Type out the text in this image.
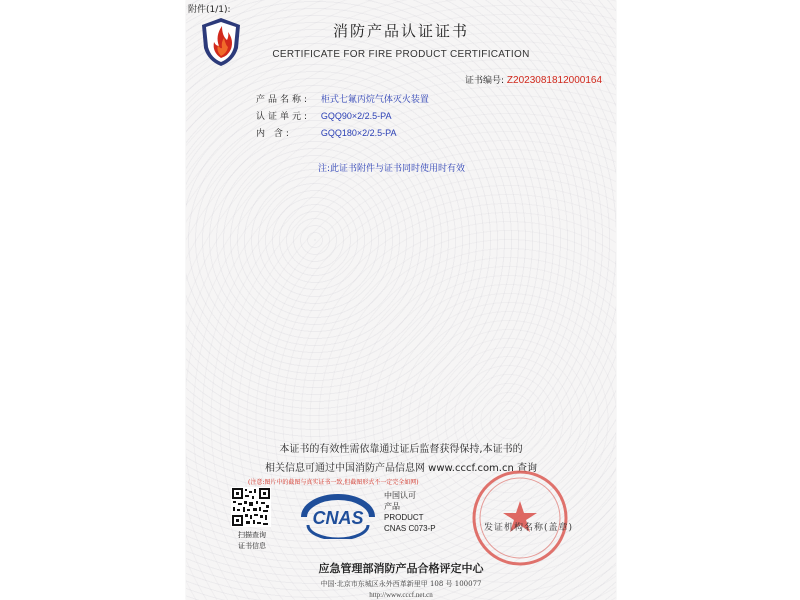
附件(1/1):
消防产品认证证书
CERTIFICATE FOR FIRE PRODUCT CERTIFICATION
证书编号: Z2023081812000164
产品名称: 柜式七氟丙烷气体灭火装置
认证单元: GQQ90×2/2.5-PA
内 含:	GQQ180×2/2.5-PA
注:此证书附件与证书同时使用时有效
本证书的有效性需依靠通过证后监督获得保持,本证书的
相关信息可通过中国消防产品信息网 www.cccf.com.cn 查询
(注意:图片中的截图与真实证书一致,但截图形式不一定完全如网)
扫描查询
证书信息
CNAS
中国认可
产品
PRODUCT
CNAS C073-P	发证机构名称(盖章)
应急管理部消防产品合格评定中心
中国·北京市东城区永外西革新里甲 108 号 100077
http://www.cccf.net.cn
